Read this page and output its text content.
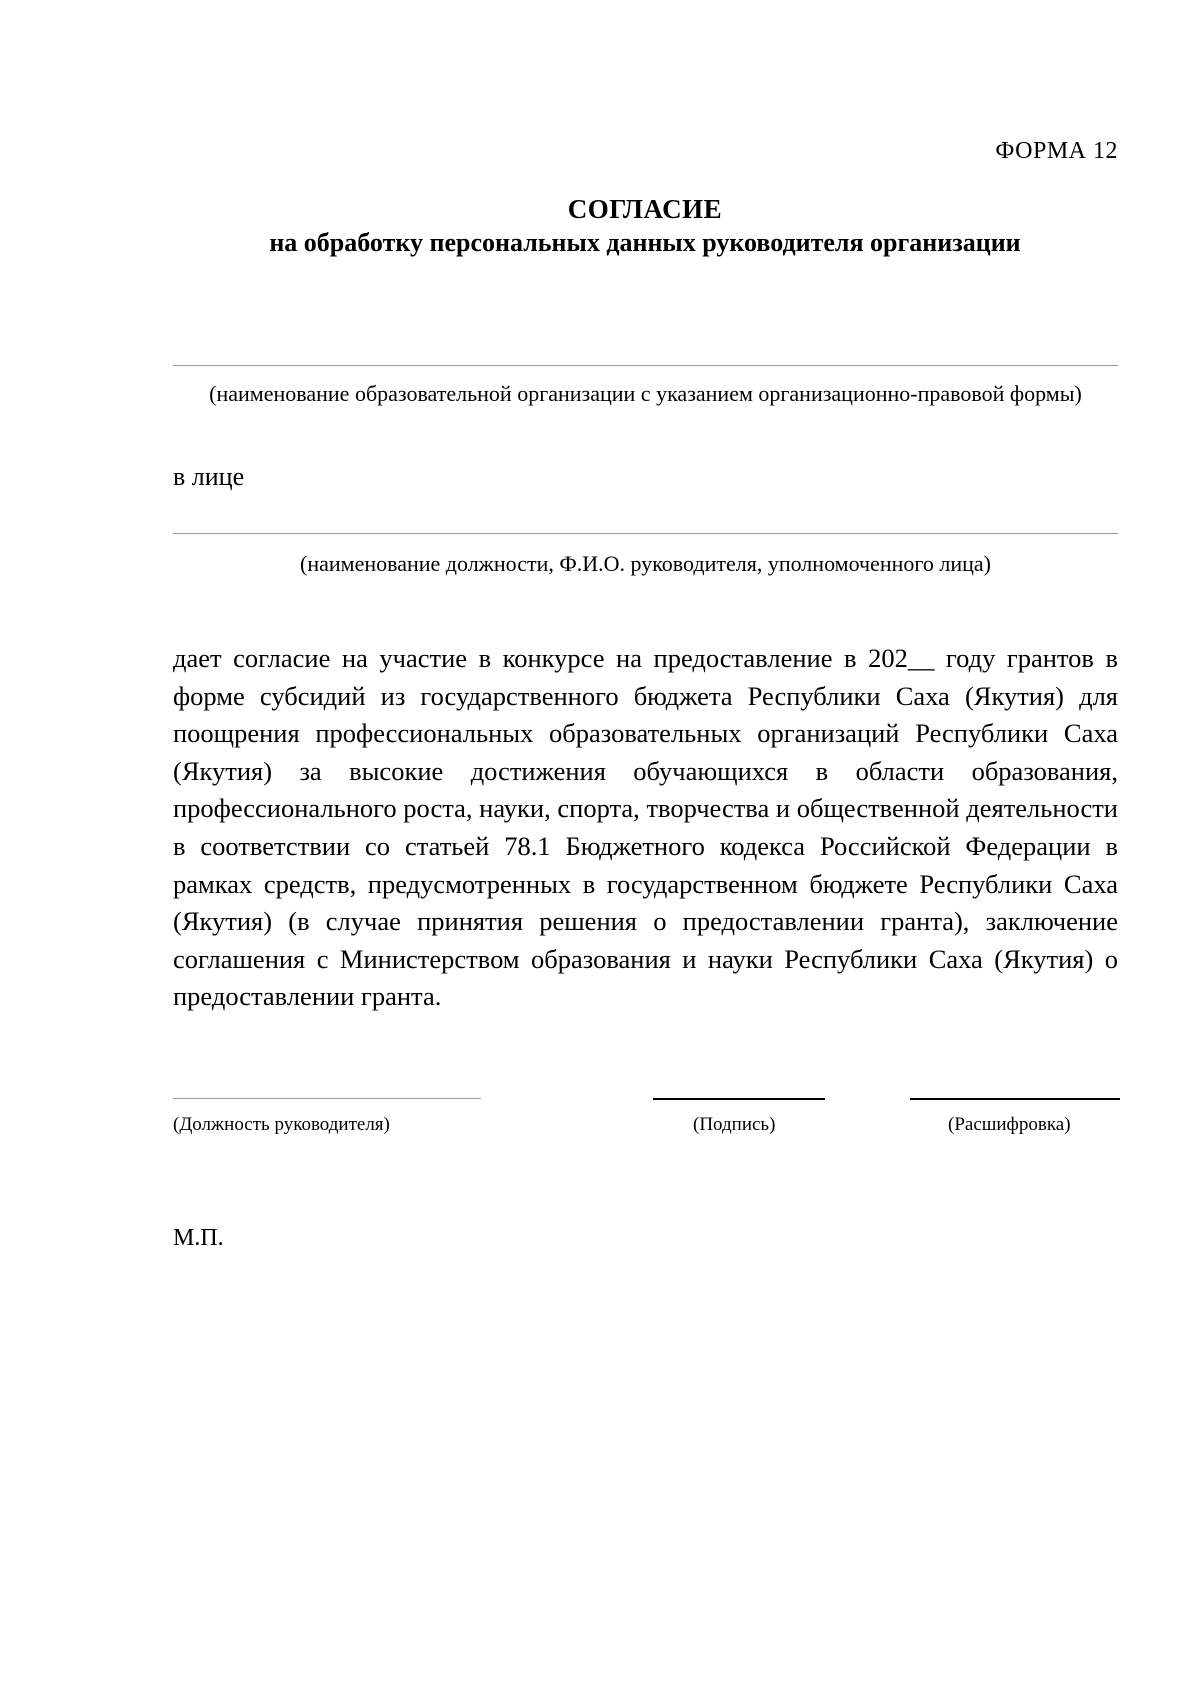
ФОРМА 12
СОГЛАСИЕ
на обработку персональных данных руководителя организации
(наименование образовательной организации с указанием организационно-правовой формы)
в лице
(наименование должности, Ф.И.О. руководителя, уполномоченного лица)
дает согласие на участие в конкурсе на предоставление в 202__ году грантов в форме субсидий из государственного бюджета Республики Саха (Якутия) для поощрения профессиональных образовательных организаций Республики Саха (Якутия) за высокие достижения обучающихся в области образования, профессионального роста, науки, спорта, творчества и общественной деятельности в соответствии со статьей 78.1 Бюджетного кодекса Российской Федерации в рамках средств, предусмотренных в государственном бюджете Республики Саха (Якутия) (в случае принятия решения о предоставлении гранта), заключение соглашения с Министерством образования и науки Республики Саха (Якутия) о предоставлении гранта.
(Должность руководителя)	(Подпись)	(Расшифровка)
М.П.
